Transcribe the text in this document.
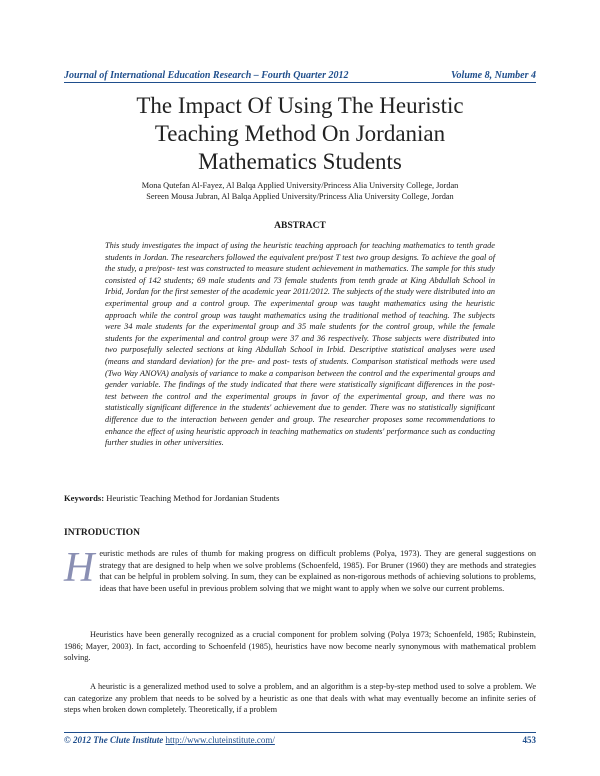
Journal of International Education Research – Fourth Quarter 2012	Volume 8, Number 4
The Impact Of Using The Heuristic
Teaching Method On Jordanian
Mathematics Students
Mona Qutefan Al-Fayez, Al Balqa Applied University/Princess Alia University College, Jordan
Sereen Mousa Jubran, Al Balqa Applied University/Princess Alia University College, Jordan
ABSTRACT

This study investigates the impact of using the heuristic teaching approach for teaching mathematics to tenth grade students in Jordan. The researchers followed the equivalent pre/post T test two group designs. To achieve the goal of the study, a pre/post- test was constructed to measure student achievement in mathematics. The sample for this study consisted of 142 students; 69 male students and 73 female students from tenth grade at King Abdullah School in Irbid, Jordan for the first semester of the academic year 2011/2012. The subjects of the study were distributed into an experimental group and a control group. The experimental group was taught mathematics using the heuristic approach while the control group was taught mathematics using the traditional method of teaching. The subjects were 34 male students for the experimental group and 35 male students for the control group, while the female students for the experimental and control group were 37 and 36 respectively. Those subjects were distributed into two purposefully selected sections at king Abdullah School in Irbid. Descriptive statistical analyses were used (means and standard deviation) for the pre- and post- tests of students. Comparison statistical methods were used (Two Way ANOVA) analysis of variance to make a comparison between the control and the experimental groups and gender variable. The findings of the study indicated that there were statistically significant differences in the post- test between the control and the experimental groups in favor of the experimental group, and there was no statistically significant difference in the students' achievement due to gender. There was no statistically significant difference due to the interaction between gender and group. The researcher proposes some recommendations to enhance the effect of using heuristic approach in teaching mathematics on students' performance such as conducting further studies in other universities.

Keywords: Heuristic Teaching Method for Jordanian Students
INTRODUCTION

Heuristic methods are rules of thumb for making progress on difficult problems (Polya, 1973). They are general suggestions on strategy that are designed to help when we solve problems (Schoenfeld, 1985). For Bruner (1960) they are methods and strategies that can be helpful in problem solving. In sum, they can be explained as non-rigorous methods of achieving solutions to problems, ideas that have been useful in previous problem solving that we might want to apply when we solve our current problems.

Heuristics have been generally recognized as a crucial component for problem solving (Polya 1973; Schoenfeld, 1985; Rubinstein, 1986; Mayer, 2003). In fact, according to Schoenfeld (1985), heuristics have now become nearly synonymous with mathematical problem solving.

A heuristic is a generalized method used to solve a problem, and an algorithm is a step-by-step method used to solve a problem. We can categorize any problem that needs to be solved by a heuristic as one that deals with what may eventually become an infinite series of steps when broken down completely. Theoretically, if a problem

© 2012 The Clute Institute http://www.cluteinstitute.com/	453
